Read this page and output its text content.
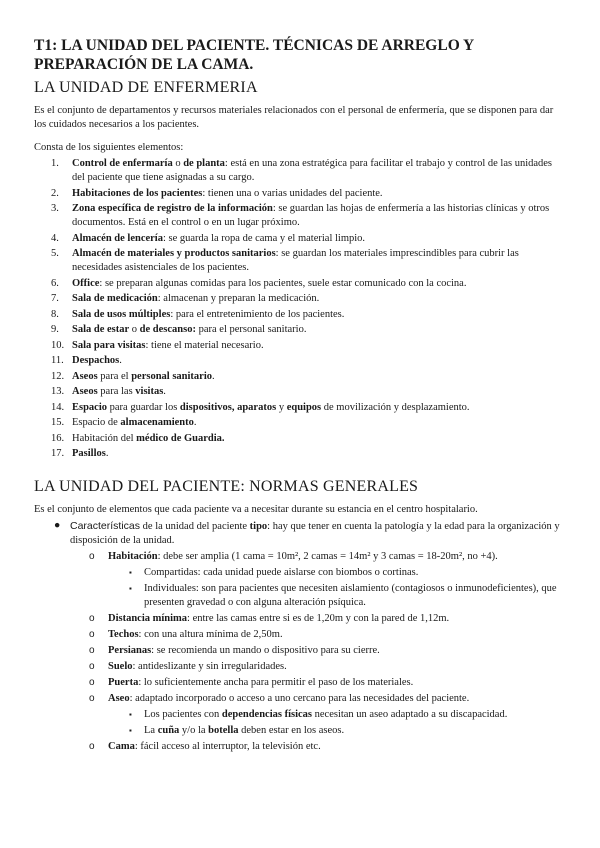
T1: LA UNIDAD DEL PACIENTE. TÉCNICAS DE ARREGLO Y PREPARACIÓN DE LA CAMA.
LA UNIDAD DE ENFERMERIA

Es el conjunto de departamentos y recursos materiales relacionados con el personal de enfermería, que se disponen para dar los cuidados necesarios a los pacientes.

Consta de los siguientes elementos:

1.	Control de enfermaría o de planta: está en una zona estratégica para facilitar el trabajo y control de las unidades del paciente que tiene asignadas a su cargo.
2.	Habitaciones de los pacientes: tienen una o varias unidades del paciente.
3.	Zona específica de registro de la información: se guardan las hojas de enfermería a las historias clínicas y otros documentos. Está en el control o en un lugar próximo.
4.	Almacén de lencería: se guarda la ropa de cama y el material limpio.
5.	Almacén de materiales y productos sanitarios: se guardan los materiales imprescindibles para cubrir las necesidades asistenciales de los pacientes.
6.	Office: se preparan algunas comidas para los pacientes, suele estar comunicado con la cocina.
7.	Sala de medicación: almacenan y preparan la medicación.
8.	Sala de usos múltiples: para el entretenimiento de los pacientes.
9.	Sala de estar o de descanso: para el personal sanitario.
10. Sala para visitas: tiene el material necesario.
11. Despachos.
12. Aseos para el personal sanitario.
13. Aseos para las visitas.
14. Espacio para guardar los dispositivos, aparatos y equipos de movilización y desplazamiento.
15. Espacio de almacenamiento.
16. Habitación del médico de Guardia.
17. Pasillos.
LA UNIDAD DEL PACIENTE: NORMAS GENERALES

Es el conjunto de elementos que cada paciente va a necesitar durante su estancia en el centro hospitalario.

● Características de la unidad del paciente tipo: hay que tener en cuenta la patología y la edad para la organización y disposición de la unidad.
o Habitación: debe ser amplia (1 cama = 10m², 2 camas = 14m² y 3 camas = 18-20m², no +4).
▪ Compartidas: cada unidad puede aislarse con biombos o cortinas.
▪ Individuales: son para pacientes que necesiten aislamiento (contagiosos o inmunodeficientes), que presenten gravedad o con alguna alteración psíquica.
o Distancia mínima: entre las camas entre si es de 1,20m y con la pared de 1,12m.
o Techos: con una altura mínima de 2,50m.
o Persianas: se recomienda un mando o dispositivo para su cierre.
o Suelo: antideslizante y sin irregularidades.
o Puerta: lo suficientemente ancha para permitir el paso de los materiales.
o Aseo: adaptado incorporado o acceso a uno cercano para las necesidades del paciente.
▪ Los pacientes con dependencias físicas necesitan un aseo adaptado a su discapacidad.
▪ La cuña y/o la botella deben estar en los aseos.
o Cama: fácil acceso al interruptor, la televisión etc.
